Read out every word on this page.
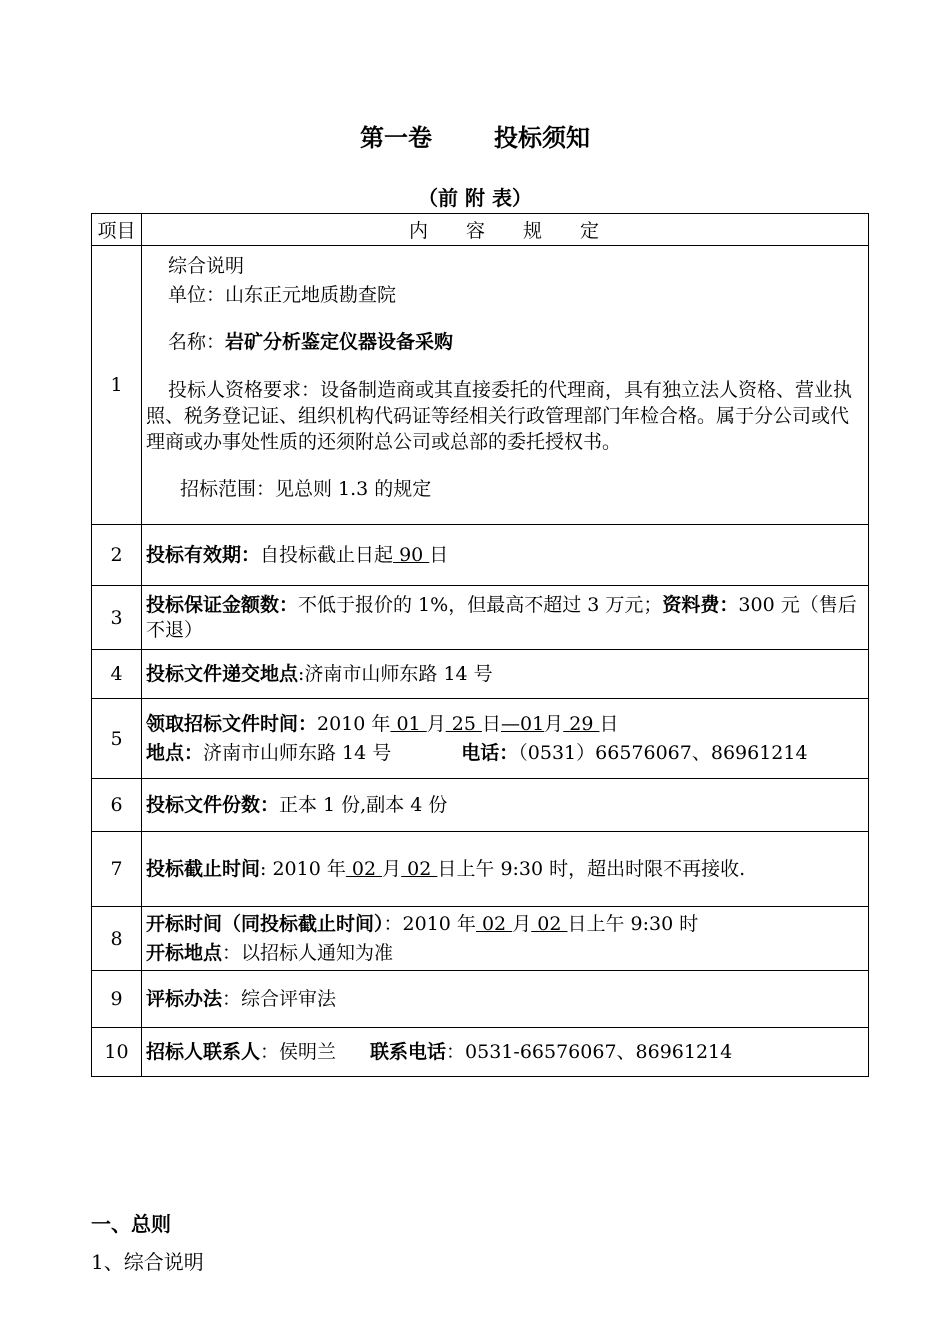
第一卷	投标须知
（前 附 表）
项目	内 容 规 定
1	综合说明
单位：山东正元地质勘查院
名称：岩矿分析鉴定仪器设备采购
投标人资格要求：设备制造商或其直接委托的代理商，具有独立法人资格、营业执照、税务登记证、组织机构代码证等经相关行政管理部门年检合格。属于分公司或代理商或办事处性质的还须附总公司或总部的委托授权书。
招标范围：见总则 1.3 的规定

2	投标有效期：自投标截止日起 90 日
3	投标保证金额数：不低于报价的 1%，但最高不超过 3 万元；资料费：300 元（售后不退）
4	投标文件递交地点:济南市山师东路 14 号
5	领取招标文件时间：2010 年 01 月 25 日—01月 29 日
地点：济南市山师东路 14 号 电话：（0531）66576067、86961214

6	投标文件份数：正本 1 份,副本 4 份
7	投标截止时间: 2010 年 02 月 02 日上午 9:30 时，超出时限不再接收.
8	开标时间（同投标截止时间）：2010 年 02 月 02 日上午 9:30 时
开标地点：以招标人通知为准

9	评标办法：综合评审法
10	招标人联系人：侯明兰 联系电话：0531-66576067、86961214
一、总则
1、综合说明
